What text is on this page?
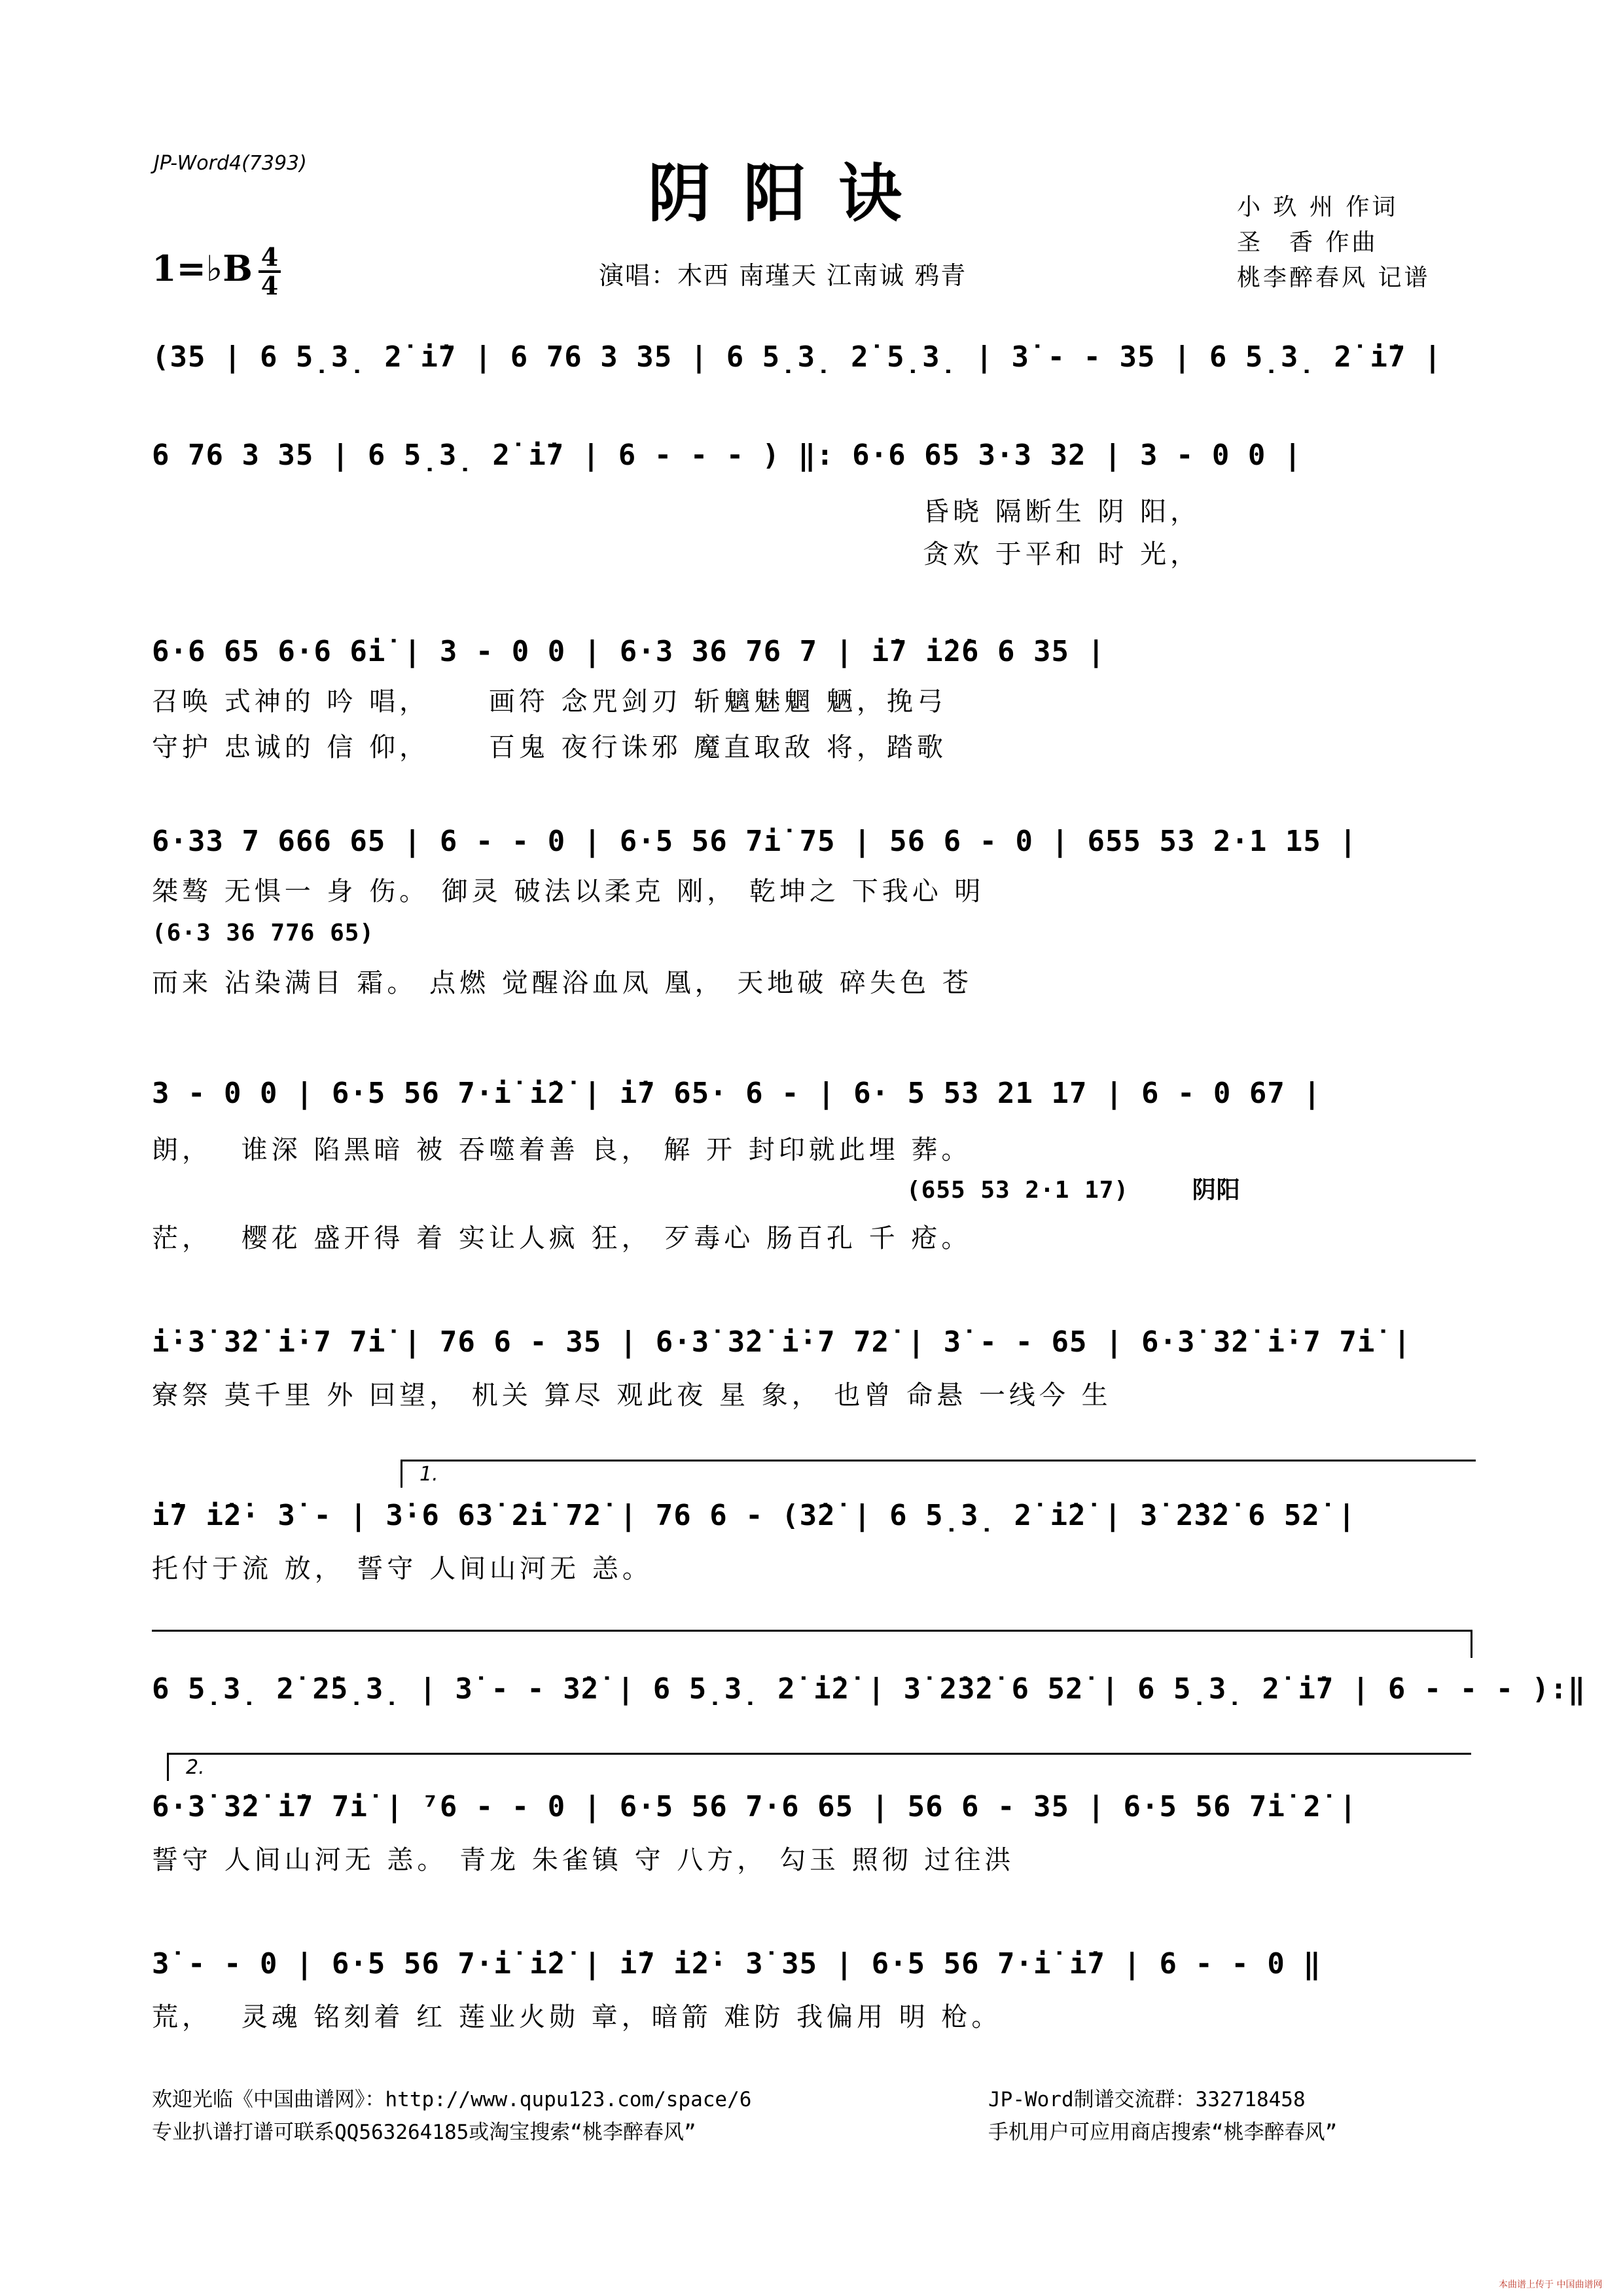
JP-Word4(7393)	阴阳诀
演唱：木西 南瑾天 江南诚 鸦青
1=♭B 4
4
小 玖 州 作词
圣　香 作曲
桃李醉春风 记谱
(35 | 6 5̣3̣ 2̇ i̇7 | 6 76 3 35 | 6 5̣3̣ 2̇ 5̣3̣ | 3̇ - - 35 | 6 5̣3̣ 2̇ i̇7 |
6 76 3 35 | 6 5̣3̣ 2̇ i̇7 | 6 - - - ) ‖: 6·6 65 3·3 32 | 3 - 0 0 |
昏晓 隔断生 阴 阳，
贪欢 于平和 时 光，
6·6 65 6·6 6i̇ | 3 - 0 0 | 6·3 36 76 7 | i̇7 i̇2̇6 6 35 |
召唤 式神的 吟 唱，　　 画符 念咒剑刃 斩魑魅魍 魉，挽弓
守护 忠诚的 信 仰，　　 百鬼 夜行诛邪 魔直取敌 将，踏歌
6·33 7 666 65 | 6 - - 0 | 6·5 56 7i̇ 75 | 56 6 - 0 | 655 53 2·1 15 |
桀骜 无惧一 身 伤。 御灵 破法以柔克 刚， 乾坤之 下我心 明
(6·3 36 776 65)
而来 沾染满目 霜。 点燃 觉醒浴血凤 凰， 天地破 碎失色 苍
3 - 0 0 | 6·5 56 7·i̇ i̇2̇ | i̇7 65· 6 - | 6· 5 53 21 17 | 6 - 0 67 |
朗，　 谁深 陷黑暗 被 吞噬着善 良， 解 开 封印就此埋 葬。
(655 53 2·1 17)　　 阴阳
茫，　 樱花 盛开得 着 实让人疯 狂， 歹毒心 肠百孔 千 疮。
i̇·3̇ 3̇2̇ i̇·7 7i̇ | 76 6 - 35 | 6·3̇ 3̇2̇ i̇·7 72̇ | 3̇ - - 65 | 6·3̇ 3̇2̇ i̇·7 7i̇ |
寮祭 莫千里 外 回望， 机关 算尽 观此夜 星 象， 也曾 命悬 一线今 生
1.
i̇7 i̇2̇· 3̇ - | 3̇·6 63̇ 2̇i̇ 72̇ | 76 6 - (3̇2̇ | 6 5̣3̣ 2̇ i̇2̇ | 3̇ 2̇3̇2̇ 6 52̇ |
托付于流 放， 誓守 人间山河无 恙。
6 5̣3̣ 2̇ 2̇5̣3̣ | 3̇ - - 3̇2̇ | 6 5̣3̣ 2̇ i̇2̇ | 3̇ 2̇3̇2̇ 6 52̇ | 6 5̣3̣ 2̇ i̇7 | 6 - - - ):‖
2.
6·3̇ 3̇2̇ i̇7 7i̇ | ⁷6 - - 0 | 6·5 56 7·6 65 | 56 6 - 35 | 6·5 56 7i̇ 2̇ |
誓守 人间山河无 恙。 青龙 朱雀镇 守 八方， 勾玉 照彻 过往洪
3̇ - - 0 | 6·5 56 7·i̇ i̇2̇ | i̇7 i̇2̇· 3̇ 35 | 6·5 56 7·i̇ i̇7 | 6 - - 0 ‖
荒，　 灵魂 铭刻着 红 莲业火勋 章，暗箭 难防 我偏用 明 枪。
欢迎光临《中国曲谱网》：http://www.qupu123.com/space/6	JP-Word制谱交流群：332718458
专业扒谱打谱可联系QQ563264185或淘宝搜索“桃李醉春风”	手机用户可应用商店搜索“桃李醉春风”
本曲谱上传于 中国曲谱网
